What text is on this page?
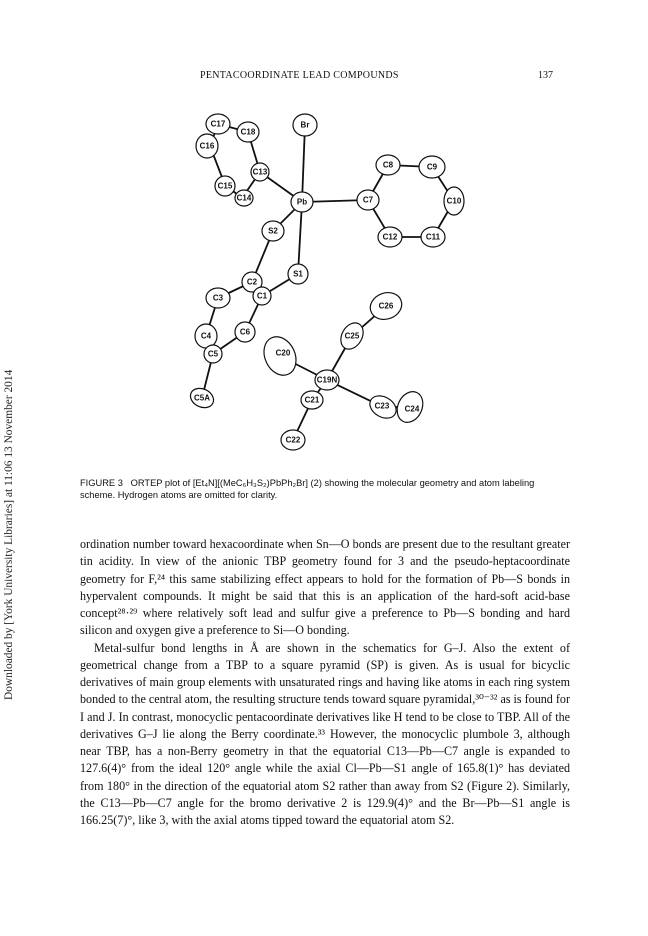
PENTACOORDINATE LEAD COMPOUNDS	137
Downloaded by [York University Libraries] at 11:06 13 November 2014
C17
C18
C16
C15
C13
C14
Br
Pb	C7
C8	C9
C10
C12	C11
S2
S1
C2
C1
C3
C4	C6
C5
C5A
C26
C25
C20
C19N
C21
C23 C24
C22
FIGURE 3 ORTEP plot of [Et₄N][(MeC₆H₃S₂)PbPh₂Br] (2) showing the molecular geometry and atom labeling scheme. Hydrogen atoms are omitted for clarity.

ordination number toward hexacoordinate when Sn—O bonds are present due to the resultant greater tin acidity. In view of the anionic TBP geometry found for 3 and the pseudo-heptacoordinate geometry for F,²⁴ this same stabilizing effect appears to hold for the formation of Pb—S bonds in hypervalent compounds. It might be said that this is an application of the hard-soft acid-base concept²⁸·²⁹ where relatively soft lead and sulfur give a preference to Pb—S bonding and hard silicon and oxygen give a preference to Si—O bonding.

Metal-sulfur bond lengths in Å are shown in the schematics for G–J. Also the extent of geometrical change from a TBP to a square pyramid (SP) is given. As is usual for bicyclic derivatives of main group elements with unsaturated rings and having like atoms in each ring system bonded to the central atom, the resulting structure tends toward square pyramidal,³⁰⁻³² as is found for I and J. In contrast, monocyclic pentacoordinate derivatives like H tend to be close to TBP. All of the derivatives G–J lie along the Berry coordinate.³³ However, the monocyclic plumbole 3, although near TBP, has a non-Berry geometry in that the equatorial C13—Pb—C7 angle is expanded to 127.6(4)° from the ideal 120° angle while the axial Cl—Pb—S1 angle of 165.8(1)° has deviated from 180° in the direction of the equatorial atom S2 rather than away from S2 (Figure 2). Similarly, the C13—Pb—C7 angle for the bromo derivative 2 is 129.9(4)° and the Br—Pb—S1 angle is 166.25(7)°, like 3, with the axial atoms tipped toward the equatorial atom S2.
